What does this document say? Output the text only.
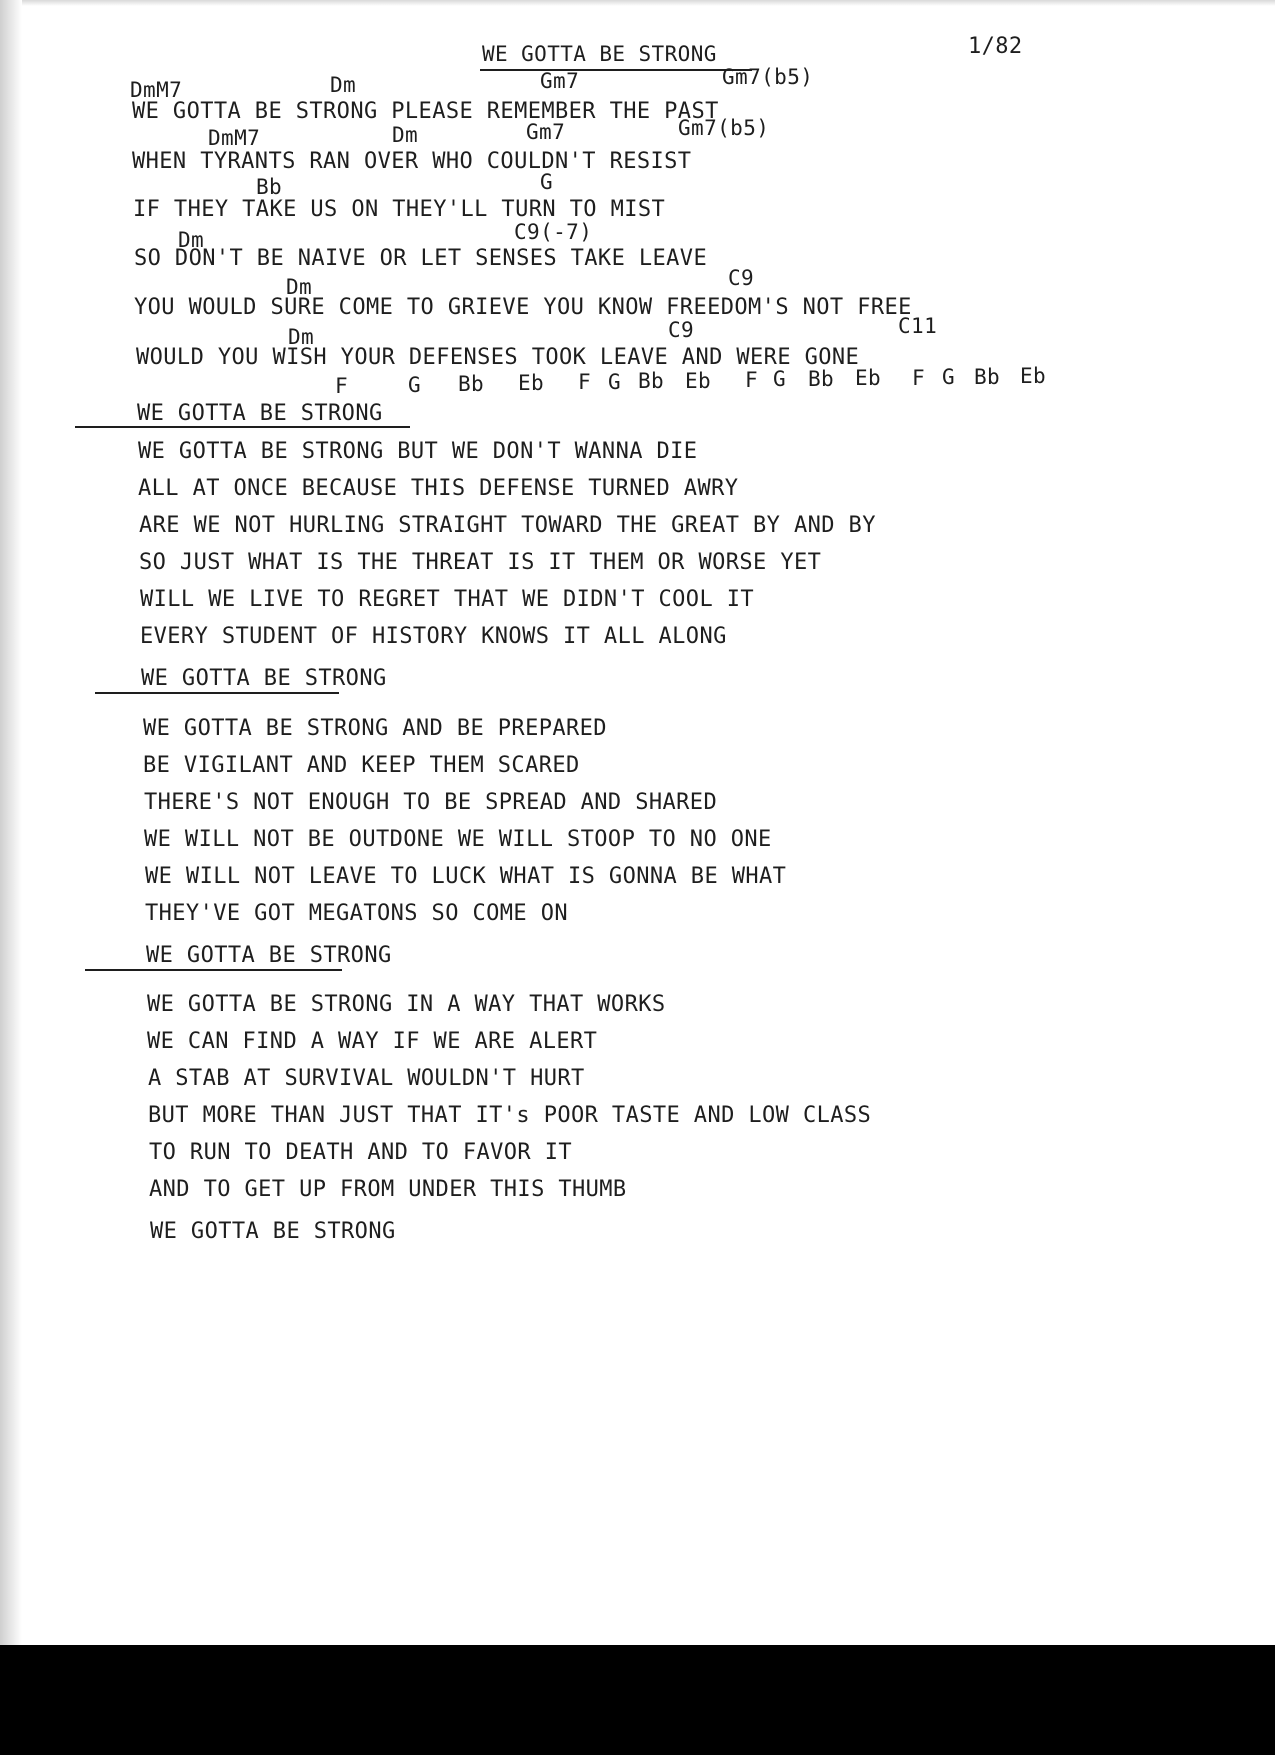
WE GOTTA BE STRONG	1/82
DmM7	Dm	Gm7	Gm7(b5)
DmM7	Dm	Gm7	Gm7(b5)
Bb	G
Dm	C9(-7)
C9
Dm
Dm	C9	C11
F	G Bb Eb F G Bb Eb F G Bb Eb F G Bb Eb
WE GOTTA BE STRONG PLEASE REMEMBER THE PAST
WHEN TYRANTS RAN OVER WHO COULDN'T RESIST
IF THEY TAKE US ON THEY'LL TURN TO MIST
SO DON'T BE NAIVE OR LET SENSES TAKE LEAVE
YOU WOULD SURE COME TO GRIEVE YOU KNOW FREEDOM'S NOT FREE
WOULD YOU WISH YOUR DEFENSES TOOK LEAVE AND WERE GONE
WE GOTTA BE STRONG
WE GOTTA BE STRONG BUT WE DON'T WANNA DIE
ALL AT ONCE BECAUSE THIS DEFENSE TURNED AWRY
ARE WE NOT HURLING STRAIGHT TOWARD THE GREAT BY AND BY
SO JUST WHAT IS THE THREAT IS IT THEM OR WORSE YET
WILL WE LIVE TO REGRET THAT WE DIDN'T COOL IT
EVERY STUDENT OF HISTORY KNOWS IT ALL ALONG
WE GOTTA BE STRONG
WE GOTTA BE STRONG AND BE PREPARED
BE VIGILANT AND KEEP THEM SCARED
THERE'S NOT ENOUGH TO BE SPREAD AND SHARED
WE WILL NOT BE OUTDONE WE WILL STOOP TO NO ONE
WE WILL NOT LEAVE TO LUCK WHAT IS GONNA BE WHAT
THEY'VE GOT MEGATONS SO COME ON
WE GOTTA BE STRONG
WE GOTTA BE STRONG IN A WAY THAT WORKS
WE CAN FIND A WAY IF WE ARE ALERT
A STAB AT SURVIVAL WOULDN'T HURT
BUT MORE THAN JUST THAT IT's POOR TASTE AND LOW CLASS
TO RUN TO DEATH AND TO FAVOR IT
AND TO GET UP FROM UNDER THIS THUMB
WE GOTTA BE STRONG
